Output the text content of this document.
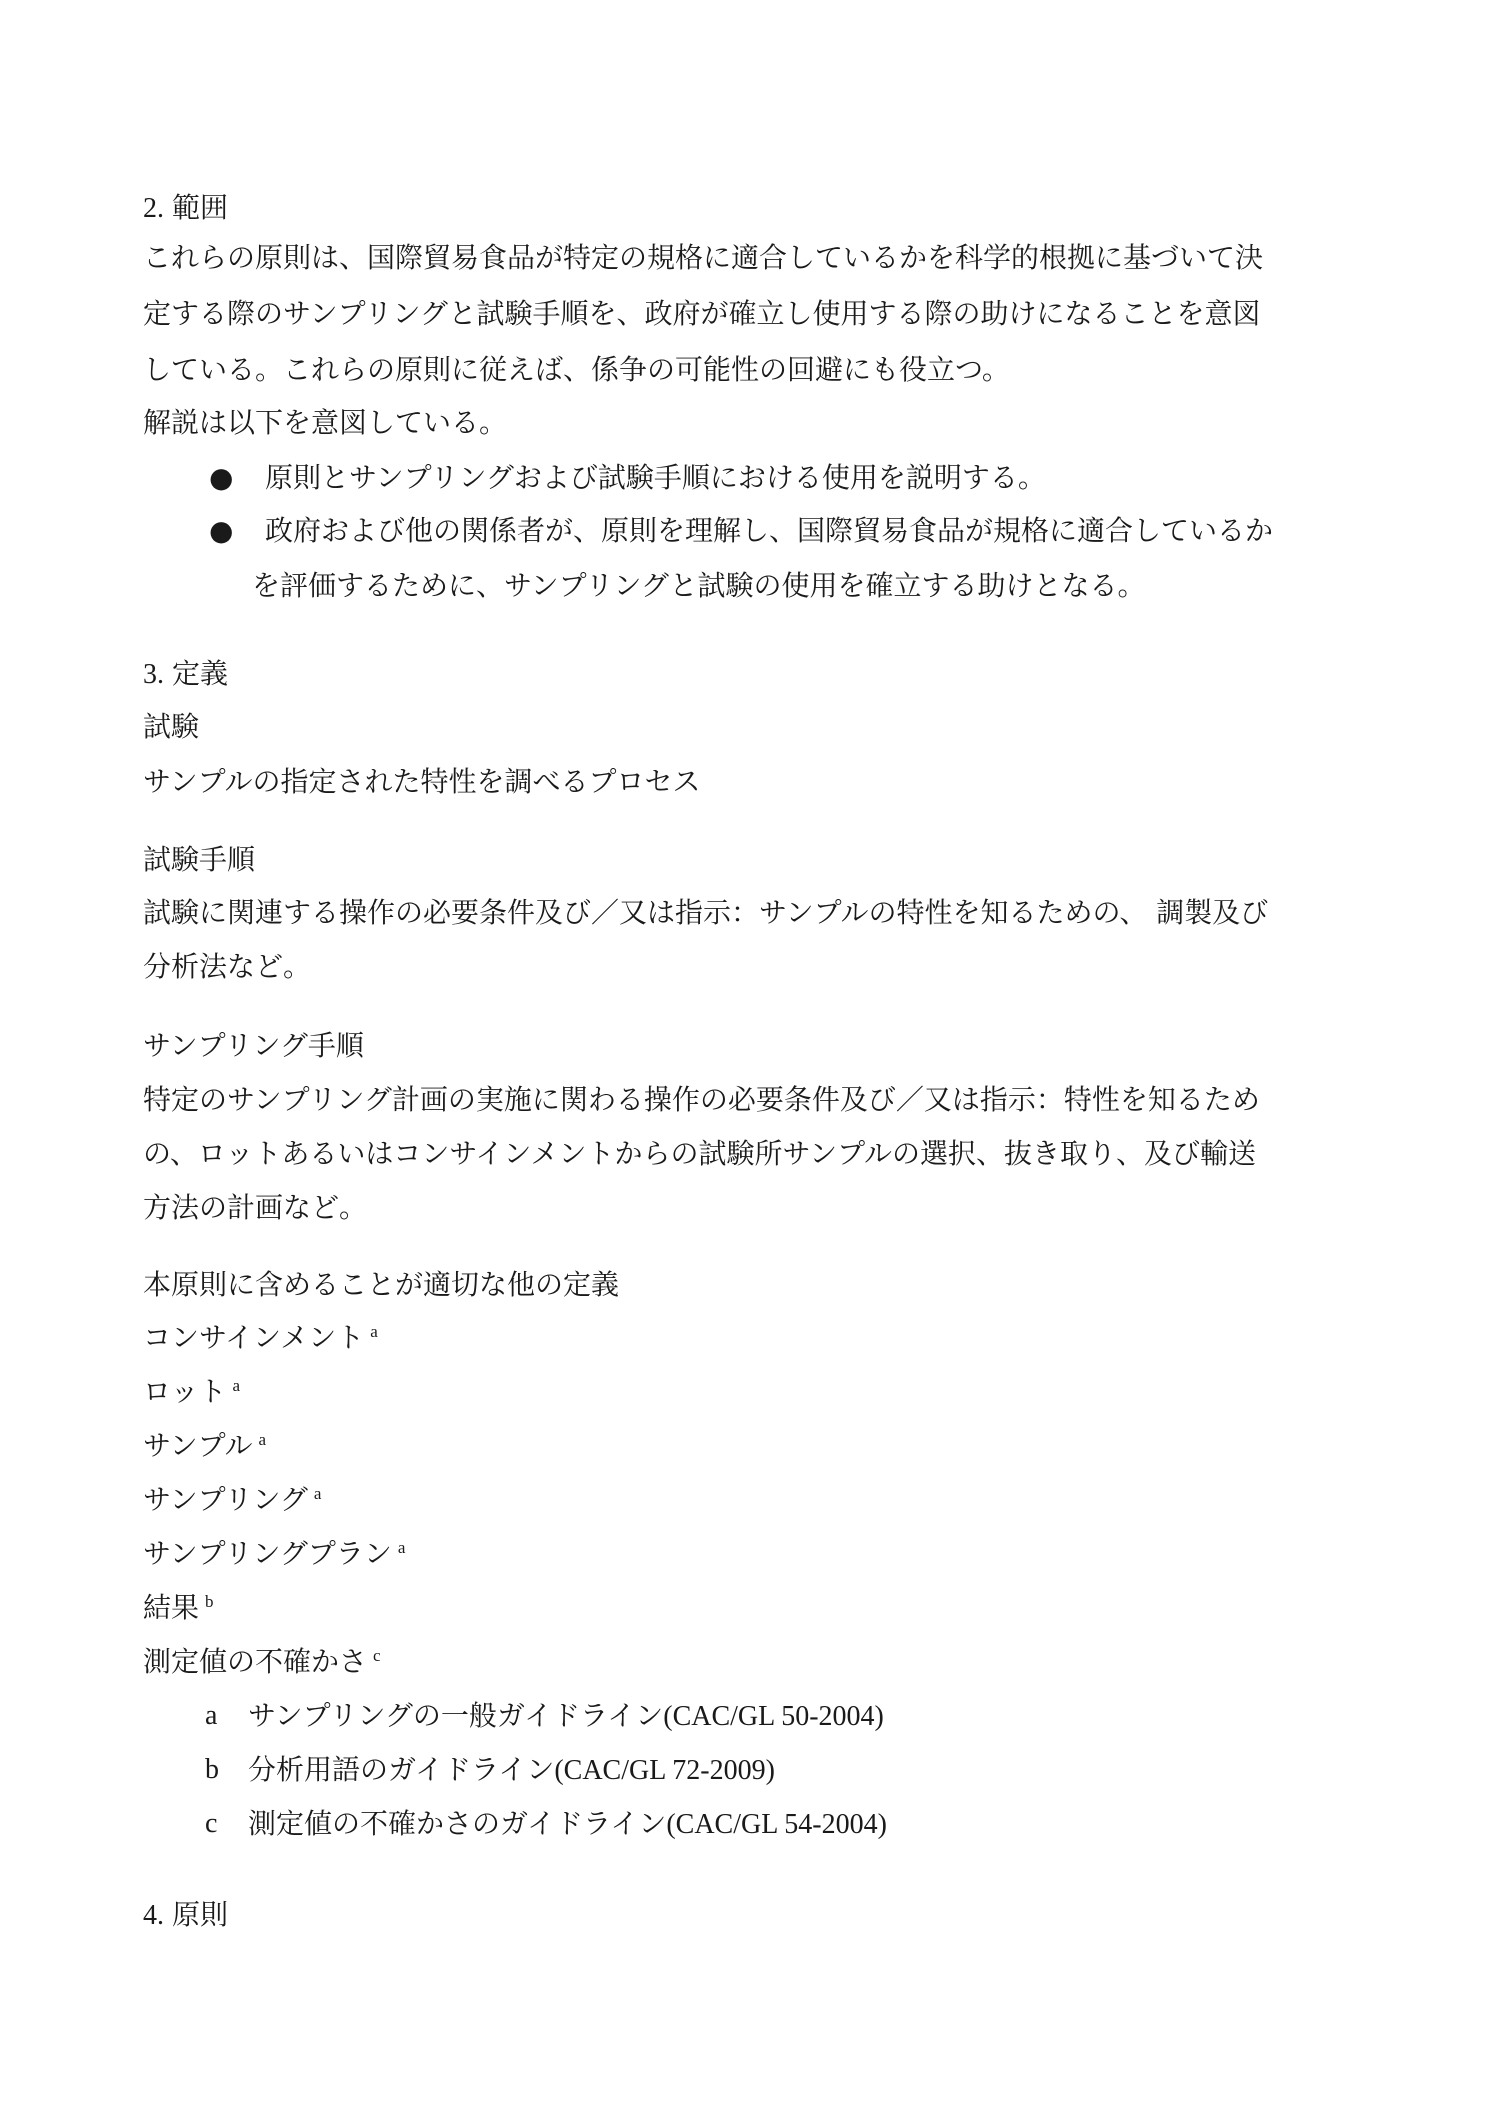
2. 範囲
これらの原則は、国際貿易食品が特定の規格に適合しているかを科学的根拠に基づいて決
定する際のサンプリングと試験手順を、政府が確立し使用する際の助けになることを意図
している。これらの原則に従えば、係争の可能性の回避にも役立つ。
解説は以下を意図している。
● 原則とサンプリングおよび試験手順における使用を説明する。
● 政府および他の関係者が、原則を理解し、国際貿易食品が規格に適合しているか
を評価するために、サンプリングと試験の使用を確立する助けとなる。
3. 定義
試験
サンプルの指定された特性を調べるプロセス
試験手順
試験に関連する操作の必要条件及び／又は指示：サンプルの特性を知るための、 調製及び
分析法など。
サンプリング手順
特定のサンプリング計画の実施に関わる操作の必要条件及び／又は指示：特性を知るため
の、ロットあるいはコンサインメントからの試験所サンプルの選択、抜き取り、及び輸送
方法の計画など。
本原則に含めることが適切な他の定義
コンサインメント $^a$
ロット $^a$
サンプル $^a$
サンプリング $^a$
サンプリングプラン $^a$
結果 $^b$
測定値の不確かさ $^c$
a サンプリングの一般ガイドライン(CAC/GL 50-2004)
b 分析用語のガイドライン(CAC/GL 72-2009)
c 測定値の不確かさのガイドライン(CAC/GL 54-2004)
4. 原則
